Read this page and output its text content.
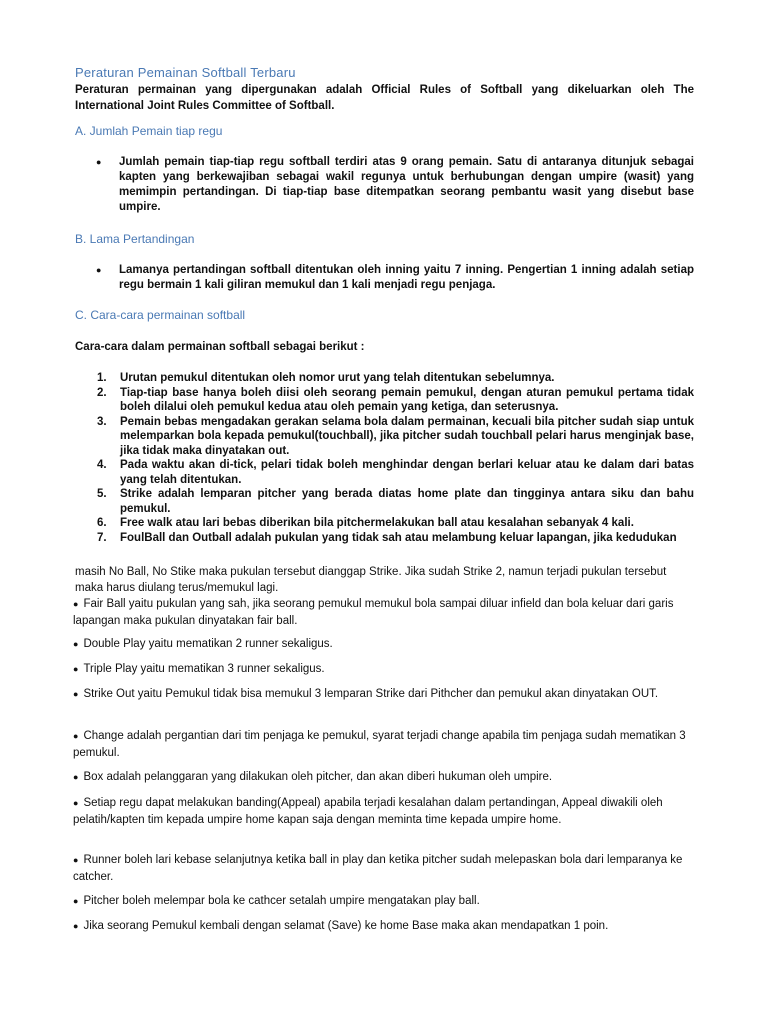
Peraturan Pemainan Softball Terbaru
Peraturan permainan yang dipergunakan adalah Official Rules of Softball yang dikeluarkan oleh The International Joint Rules Committee of Softball.
A. Jumlah Pemain tiap regu
●	Jumlah pemain tiap-tiap regu softball terdiri atas 9 orang pemain. Satu di antaranya ditunjuk sebagai kapten yang berkewajiban sebagai wakil regunya untuk berhubungan dengan umpire (wasit) yang memimpin pertandingan. Di tiap-tiap base ditempatkan seorang pembantu wasit yang disebut base umpire.
B. Lama Pertandingan
●	Lamanya pertandingan softball ditentukan oleh inning yaitu 7 inning. Pengertian 1 inning adalah setiap regu bermain 1 kali giliran memukul dan 1 kali menjadi regu penjaga.
C. Cara-cara permainan softball
Cara-cara dalam permainan softball sebagai berikut :
1. Urutan pemukul ditentukan oleh nomor urut yang telah ditentukan sebelumnya.
2. Tiap-tiap base hanya boleh diisi oleh seorang pemain pemukul, dengan aturan pemukul pertama tidak boleh dilalui oleh pemukul kedua atau oleh pemain yang ketiga, dan seterusnya.
3. Pemain bebas mengadakan gerakan selama bola dalam permainan, kecuali bila pitcher sudah siap untuk melemparkan bola kepada pemukul(touchball), jika pitcher sudah touchball pelari harus menginjak base, jika tidak maka dinyatakan out.
4. Pada waktu akan di-tick, pelari tidak boleh menghindar dengan berlari keluar atau ke dalam dari batas yang telah ditentukan.
5. Strike adalah lemparan pitcher yang berada diatas home plate dan tingginya antara siku dan bahu pemukul.
6. Free walk atau lari bebas diberikan bila pitchermelakukan ball atau kesalahan sebanyak 4 kali.
7. FoulBall dan Outball adalah pukulan yang tidak sah atau melambung keluar lapangan, jika kedudukan
masih No Ball, No Stike maka pukulan tersebut dianggap Strike. Jika sudah Strike 2, namun terjadi pukulan tersebut maka harus diulang terus/memukul lagi.
● Fair Ball yaitu pukulan yang sah, jika seorang pemukul memukul bola sampai diluar infield dan bola keluar dari garis lapangan maka pukulan dinyatakan fair ball.
● Double Play yaitu mematikan 2 runner sekaligus.
● Triple Play yaitu mematikan 3 runner sekaligus.
● Strike Out yaitu Pemukul tidak bisa memukul 3 lemparan Strike dari Pithcher dan pemukul akan dinyatakan OUT.
● Change adalah pergantian dari tim penjaga ke pemukul, syarat terjadi change apabila tim penjaga sudah mematikan 3 pemukul.
● Box adalah pelanggaran yang dilakukan oleh pitcher, dan akan diberi hukuman oleh umpire.
● Setiap regu dapat melakukan banding(Appeal) apabila terjadi kesalahan dalam pertandingan, Appeal diwakili oleh pelatih/kapten tim kepada umpire home kapan saja dengan meminta time kepada umpire home.
● Runner boleh lari kebase selanjutnya ketika ball in play dan ketika pitcher sudah melepaskan bola dari lemparanya ke catcher.
● Pitcher boleh melempar bola ke cathcer setalah umpire mengatakan play ball.
● Jika seorang Pemukul kembali dengan selamat (Save) ke home Base maka akan mendapatkan 1 poin.
